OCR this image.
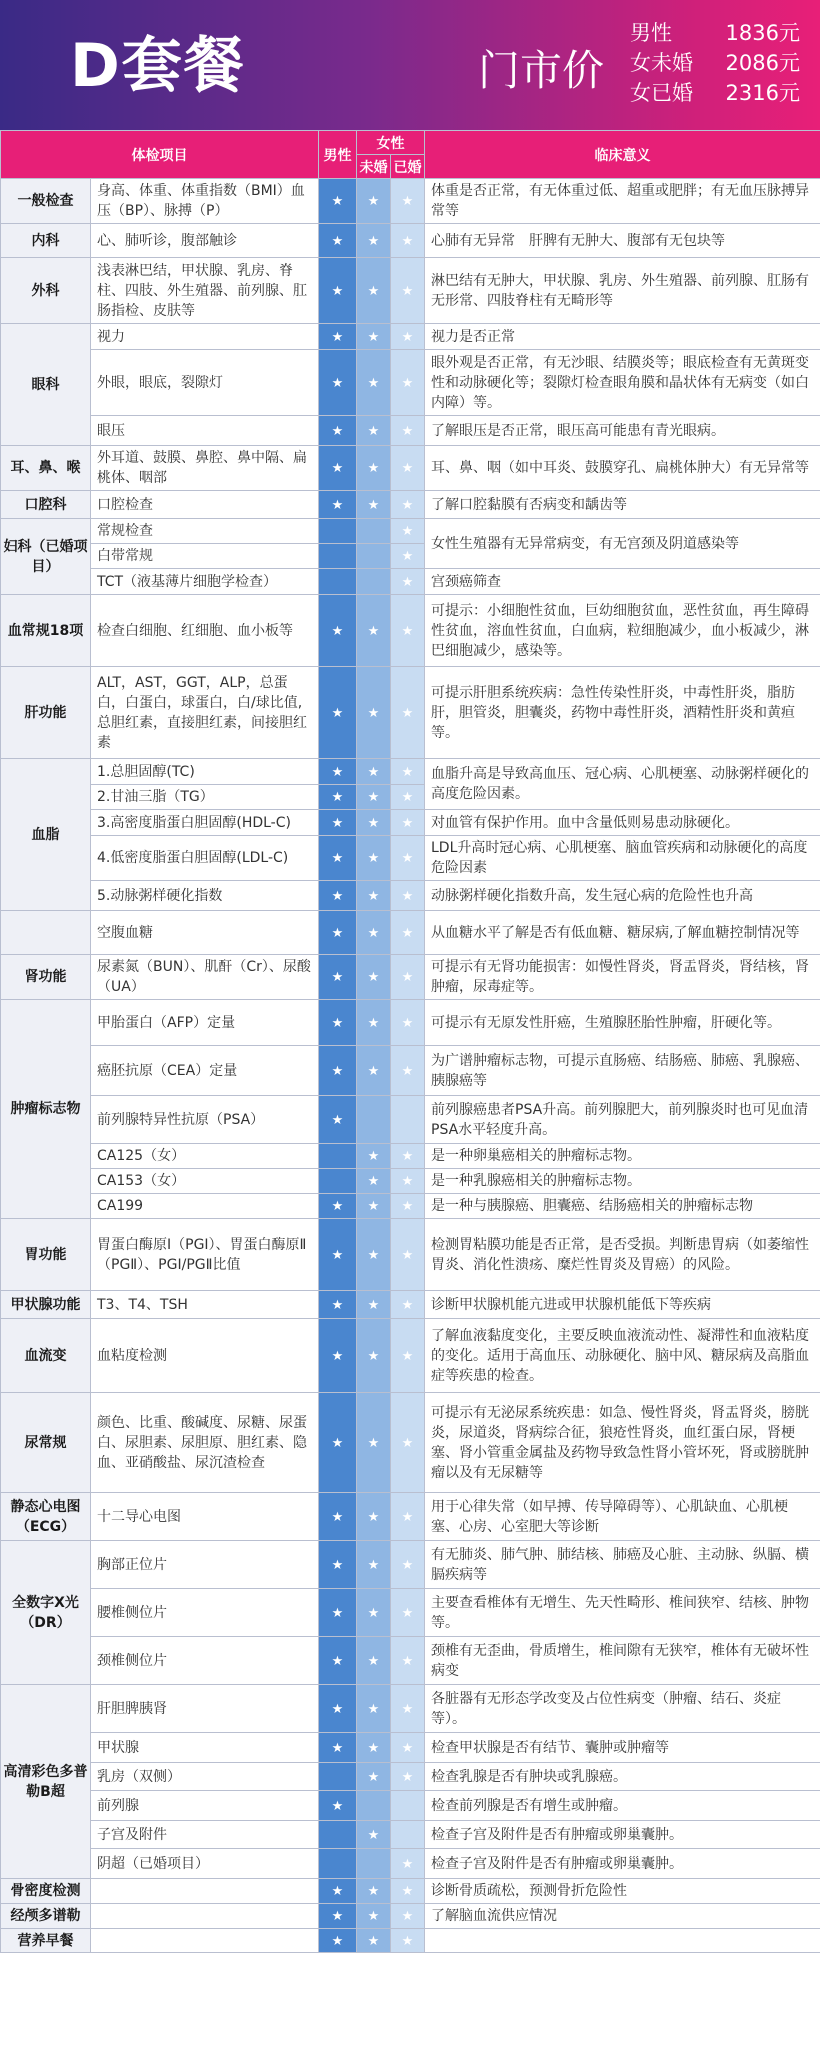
D套餐	门市价
男性	1836元
女未婚	2086元
女已婚	2316元
体检项目		男性	女性		临床意义
			未婚	已婚	
一般检查	身高、体重、体重指数（BMI）血压（BP）、脉搏（P）	★	★	★	体重是否正常，有无体重过低、超重或肥胖；有无血压脉搏异常等
内科	心、肺听诊，腹部触诊	★	★	★	心肺有无异常　肝脾有无肿大、腹部有无包块等
外科	浅表淋巴结，甲状腺、乳房、脊柱、四肢、外生殖器、前列腺、肛肠指检、皮肤等	★	★	★	淋巴结有无肿大，甲状腺、乳房、外生殖器、前列腺、肛肠有无形常、四肢脊柱有无畸形等
眼科	视力	★	★	★	视力是否正常
	外眼，眼底，裂隙灯	★	★	★	眼外观是否正常，有无沙眼、结膜炎等；眼底检查有无黄斑变性和动脉硬化等；裂隙灯检查眼角膜和晶状体有无病变（如白内障）等。
	眼压	★	★	★	了解眼压是否正常，眼压高可能患有青光眼病。
耳、鼻、喉	外耳道、鼓膜、鼻腔、鼻中隔、扁桃体、咽部	★	★	★	耳、鼻、咽（如中耳炎、鼓膜穿孔、扁桃体肿大）有无异常等
口腔科	口腔检查	★	★	★	了解口腔黏膜有否病变和龋齿等
妇科（已婚项目）	常规检查			★	女性生殖器有无异常病变，有无宫颈及阴道感染等
	白带常规			★	
	TCT（液基薄片细胞学检查）			★	宫颈癌筛查
血常规18项	检查白细胞、红细胞、血小板等	★	★	★	可提示：小细胞性贫血，巨幼细胞贫血，恶性贫血，再生障碍性贫血，溶血性贫血，白血病，粒细胞减少，血小板减少，淋巴细胞减少，感染等。
肝功能	ALT，AST，GGT，ALP，总蛋白，白蛋白，球蛋白，白/球比值,总胆红素，直接胆红素，间接胆红素	★	★	★	可提示肝胆系统疾病：急性传染性肝炎，中毒性肝炎，脂肪肝，胆管炎，胆囊炎，药物中毒性肝炎，酒精性肝炎和黄疸等。
血脂	1.总胆固醇(TC)	★	★	★	血脂升高是导致高血压、冠心病、心肌梗塞、动脉粥样硬化的高度危险因素。
	2.甘油三脂（TG）	★	★	★	
	3.高密度脂蛋白胆固醇(HDL-C)	★	★	★	对血管有保护作用。血中含量低则易患动脉硬化。
	4.低密度脂蛋白胆固醇(LDL-C)	★	★	★	LDL升高时冠心病、心肌梗塞、脑血管疾病和动脉硬化的高度危险因素
	5.动脉粥样硬化指数	★	★	★	动脉粥样硬化指数升高，发生冠心病的危险性也升高
	空腹血糖	★	★	★	从血糖水平了解是否有低血糖、糖尿病,了解血糖控制情况等
肾功能	尿素氮（BUN）、肌酐（Cr）、尿酸（UA）	★	★	★	可提示有无肾功能损害：如慢性肾炎，肾盂肾炎，肾结核，肾肿瘤，尿毒症等。
肿瘤标志物	甲胎蛋白（AFP）定量	★	★	★	可提示有无原发性肝癌，生殖腺胚胎性肿瘤，肝硬化等。
	癌胚抗原（CEA）定量	★	★	★	为广谱肿瘤标志物，可提示直肠癌、结肠癌、肺癌、乳腺癌、胰腺癌等
	前列腺特异性抗原（PSA）	★			前列腺癌患者PSA升高。前列腺肥大，前列腺炎时也可见血清PSA水平轻度升高。
	CA125（女）		★	★	是一种卵巢癌相关的肿瘤标志物。
	CA153（女）		★	★	是一种乳腺癌相关的肿瘤标志物。
	CA199	★	★	★	是一种与胰腺癌、胆囊癌、结肠癌相关的肿瘤标志物
胃功能	胃蛋白酶原Ⅰ（PGⅠ）、胃蛋白酶原Ⅱ（PGⅡ）、PGⅠ/PGⅡ比值	★	★	★	检测胃粘膜功能是否正常，是否受损。判断患胃病（如萎缩性胃炎、消化性溃疡、糜烂性胃炎及胃癌）的风险。
甲状腺功能	T3、T4、TSH	★	★	★	诊断甲状腺机能亢进或甲状腺机能低下等疾病
血流变	血粘度检测	★	★	★	了解血液黏度变化，主要反映血液流动性、凝滞性和血液粘度的变化。适用于高血压、动脉硬化、脑中风、糖尿病及高脂血症等疾患的检查。
尿常规	颜色、比重、酸碱度、尿糖、尿蛋白、尿胆素、尿胆原、胆红素、隐血、亚硝酸盐、尿沉渣检查	★	★	★	可提示有无泌尿系统疾患：如急、慢性肾炎，肾盂肾炎，膀胱炎，尿道炎，肾病综合征，狼疮性肾炎，血红蛋白尿，肾梗塞、肾小管重金属盐及药物导致急性肾小管坏死，肾或膀胱肿瘤以及有无尿糖等
静态心电图（ECG）	十二导心电图	★	★	★	用于心律失常（如早搏、传导障碍等）、心肌缺血、心肌梗塞、心房、心室肥大等诊断
全数字X光（DR）	胸部正位片	★	★	★	有无肺炎、肺气肿、肺结核、肺癌及心脏、主动脉、纵膈、横膈疾病等
	腰椎侧位片	★	★	★	主要查看椎体有无增生、先天性畸形、椎间狭窄、结核、肿物等。
	颈椎侧位片	★	★	★	颈椎有无歪曲，骨质增生，椎间隙有无狭窄，椎体有无破坏性病变
高清彩色多普勒B超	肝胆脾胰肾	★	★	★	各脏器有无形态学改变及占位性病变（肿瘤、结石、炎症等）。
	甲状腺	★	★	★	检查甲状腺是否有结节、囊肿或肿瘤等
	乳房（双侧）		★	★	检查乳腺是否有肿块或乳腺癌。
	前列腺	★			检查前列腺是否有增生或肿瘤。
	子宫及附件		★		检查子宫及附件是否有肿瘤或卵巢囊肿。
	阴超（已婚项目）			★	检查子宫及附件是否有肿瘤或卵巢囊肿。
骨密度检测		★	★	★	诊断骨质疏松，预测骨折危险性
经颅多谱勒		★	★	★	了解脑血流供应情况
营养早餐		★	★	★	
